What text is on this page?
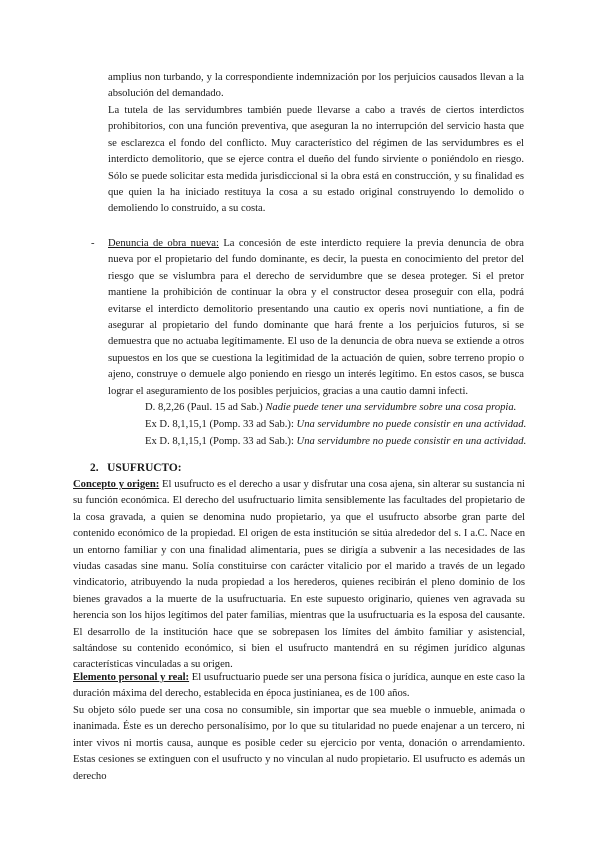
amplius non turbando, y la correspondiente indemnización por los perjuicios causados llevan a la absolución del demandado.

La tutela de las servidumbres también puede llevarse a cabo a través de ciertos interdictos prohibitorios, con una función preventiva, que aseguran la no interrupción del servicio hasta que se esclarezca el fondo del conflicto. Muy característico del régimen de las servidumbres es el interdicto demolitorio, que se ejerce contra el dueño del fundo sirviente o poniéndolo en riesgo. Sólo se puede solicitar esta medida jurisdiccional si la obra está en construcción, y su finalidad es que quien la ha iniciado restituya la cosa a su estado original construyendo lo demolido o demoliendo lo construido, a su costa.

- Denuncia de obra nueva: La concesión de este interdicto requiere la previa denuncia de obra nueva por el propietario del fundo dominante, es decir, la puesta en conocimiento del pretor del riesgo que se vislumbra para el derecho de servidumbre que se desea proteger. Si el pretor mantiene la prohibición de continuar la obra y el constructor desea proseguir con ella, podrá evitarse el interdicto demolitorio presentando una cautio ex operis novi nuntiatione, a fin de asegurar al propietario del fundo dominante que hará frente a los perjuicios futuros, si se demuestra que no actuaba legítimamente. El uso de la denuncia de obra nueva se extiende a otros supuestos en los que se cuestiona la legitimidad de la actuación de quien, sobre terreno propio o ajeno, construye o demuele algo poniendo en riesgo un interés legítimo. En estos casos, se busca lograr el aseguramiento de los posibles perjuicios, gracias a una cautio damni infecti.

D. 8,2,26 (Paul. 15 ad Sab.) Nadie puede tener una servidumbre sobre una cosa propia.

Ex D. 8,1,15,1 (Pomp. 33 ad Sab.): Una servidumbre no puede consistir en una actividad.

Ex D. 8,1,15,1 (Pomp. 33 ad Sab.): Una servidumbre no puede consistir en una actividad.

2. USUFRUCTO:

Concepto y origen: El usufructo es el derecho a usar y disfrutar una cosa ajena, sin alterar su sustancia ni su función económica. El derecho del usufructuario limita sensiblemente las facultades del propietario de la cosa gravada, a quien se denomina nudo propietario, ya que el usufructo absorbe gran parte del contenido económico de la propiedad. El origen de esta institución se sitúa alrededor del s. I a.C. Nace en un entorno familiar y con una finalidad alimentaria, pues se dirigía a subvenir a las necesidades de las viudas casadas sine manu. Solía constituirse con carácter vitalicio por el marido a través de un legado vindicatorio, atribuyendo la nuda propiedad a los herederos, quienes recibirán el pleno dominio de los bienes gravados a la muerte de la usufructuaria. En este supuesto originario, quienes ven agravada su herencia son los hijos legítimos del pater familias, mientras que la usufructuaria es la esposa del causante. El desarrollo de la institución hace que se sobrepasen los límites del ámbito familiar y asistencial, saltándose su contenido económico, si bien el usufructo mantendrá en su régimen jurídico algunas características vinculadas a su origen.

Elemento personal y real: El usufructuario puede ser una persona física o jurídica, aunque en este caso la duración máxima del derecho, establecida en época justinianea, es de 100 años.

Su objeto sólo puede ser una cosa no consumible, sin importar que sea mueble o inmueble, animada o inanimada. Éste es un derecho personalísimo, por lo que su titularidad no puede enajenar a un tercero, ni inter vivos ni mortis causa, aunque es posible ceder su ejercicio por venta, donación o arrendamiento. Estas cesiones se extinguen con el usufructo y no vinculan al nudo propietario. El usufructo es además un derecho
